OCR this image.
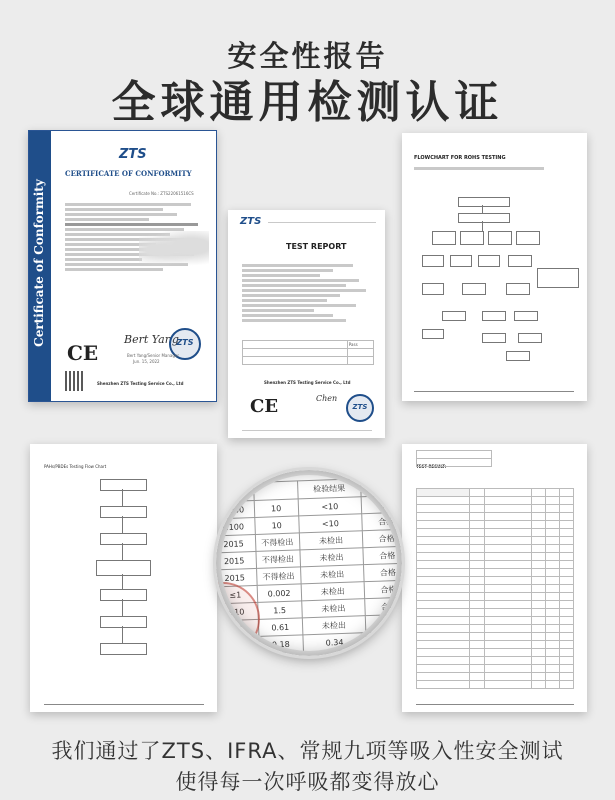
安全性报告
全球通用检测认证
Certificate of Conformity
ZTS
CERTIFICATE OF CONFORMITY
Certificate No.: ZTS22061516CS
CE
Bert Yang
ZTS
Bert Yang/Senior Manager
Jun. 15, 2022
Shenzhen ZTS Testing Service Co., Ltd
FLOWCHART FOR ROHS TESTING
ZTS
TEST REPORT
	Pass

Shenzhen ZTS Testing Service Co., Ltd
CE	Chen
ZTS
PAHs/PBDEs Testing Flow Chart	TEST RESULT:

		检验结果	
(2000	10	<10	合格
≤100	10	<10	合格
2015	不得检出	未检出	合格
2015	不得检出	未检出	合格
2015	不得检出	未检出	合格
≤1	0.002	未检出	合格
≤10	1.5	未检出	合格
≤2	0.61	未检出	合格
≤5	0.18	0.34	合格
我们通过了ZTS、IFRA、常规九项等吸入性安全测试
使得每一次呼吸都变得放心
